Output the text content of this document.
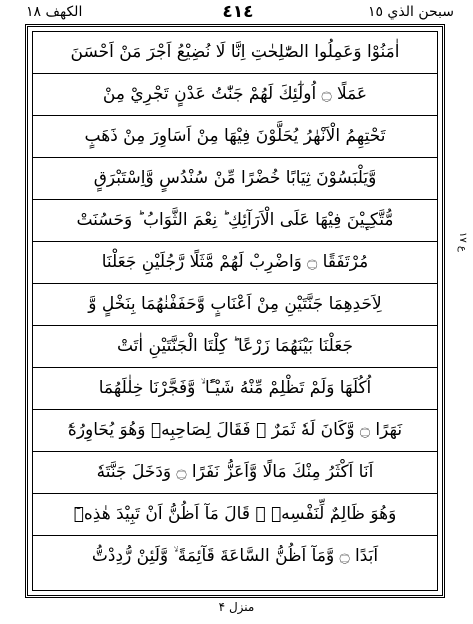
الكهف ١٨	٤١٤	سبحن الذي ١٥
اٰمَنُوْا وَعَمِلُوا الصّٰلِحٰتِ اِنَّا لَا نُضِيْعُ اَجْرَ مَنْ اَحْسَنَ
عَمَلًا ۝ اُولٰٓئِكَ لَهُمْ جَنّٰتُ عَدْنٍ تَجْرِيْ مِنْ
تَحْتِهِمُ الْاَنْهٰرُ يُحَلَّوْنَ فِيْهَا مِنْ اَسَاوِرَ مِنْ ذَهَبٍ
وَّيَلْبَسُوْنَ ثِيَابًا خُضْرًا مِّنْ سُنْدُسٍ وَّاِسْتَبْرَقٍ
مُّتَّكِـِٕيْنَ فِيْهَا عَلَى الْاَرَآئِكِ ؕ نِعْمَ الثَّوَابُ ؕ وَحَسُنَتْ
مُرْتَفَقًا ۝ وَاضْرِبْ لَهُمْ مَّثَلًا رَّجُلَيْنِ جَعَلْنَا
لِاَحَدِهِمَا جَنَّتَيْنِ مِنْ اَعْنَابٍ وَّحَفَفْنٰهُمَا بِنَخْلٍ وَّ
جَعَلْنَا بَيْنَهُمَا زَرْعًا ؕ كِلْتَا الْجَنَّتَيْنِ اٰتَتْ
اُكُلَهَا وَلَمْ تَظْلِمْ مِّنْهُ شَيْـًٔا ۙ وَّفَجَّرْنَا خِلٰلَهُمَا
نَهَرًا ۝ وَّكَانَ لَهٗ ثَمَرٌ ۚ فَقَالَ لِصَاحِبِهٖ وَهُوَ يُحَاوِرُهٗٓ
اَنَا اَكْثَرُ مِنْكَ مَالًا وَّاَعَزُّ نَفَرًا ۝ وَدَخَلَ جَنَّتَهٗ
وَهُوَ ظَالِمٌ لِّنَفْسِهٖ ۚ قَالَ مَآ اَظُنُّ اَنْ تَبِيْدَ هٰذِهٖٓ
اَبَدًا ۝ وَّمَآ اَظُنُّ السَّاعَةَ قَآئِمَةً ۙ وَّلَئِنْ رُّدِدْتُّ
ع ۱۷
منزل ۴
